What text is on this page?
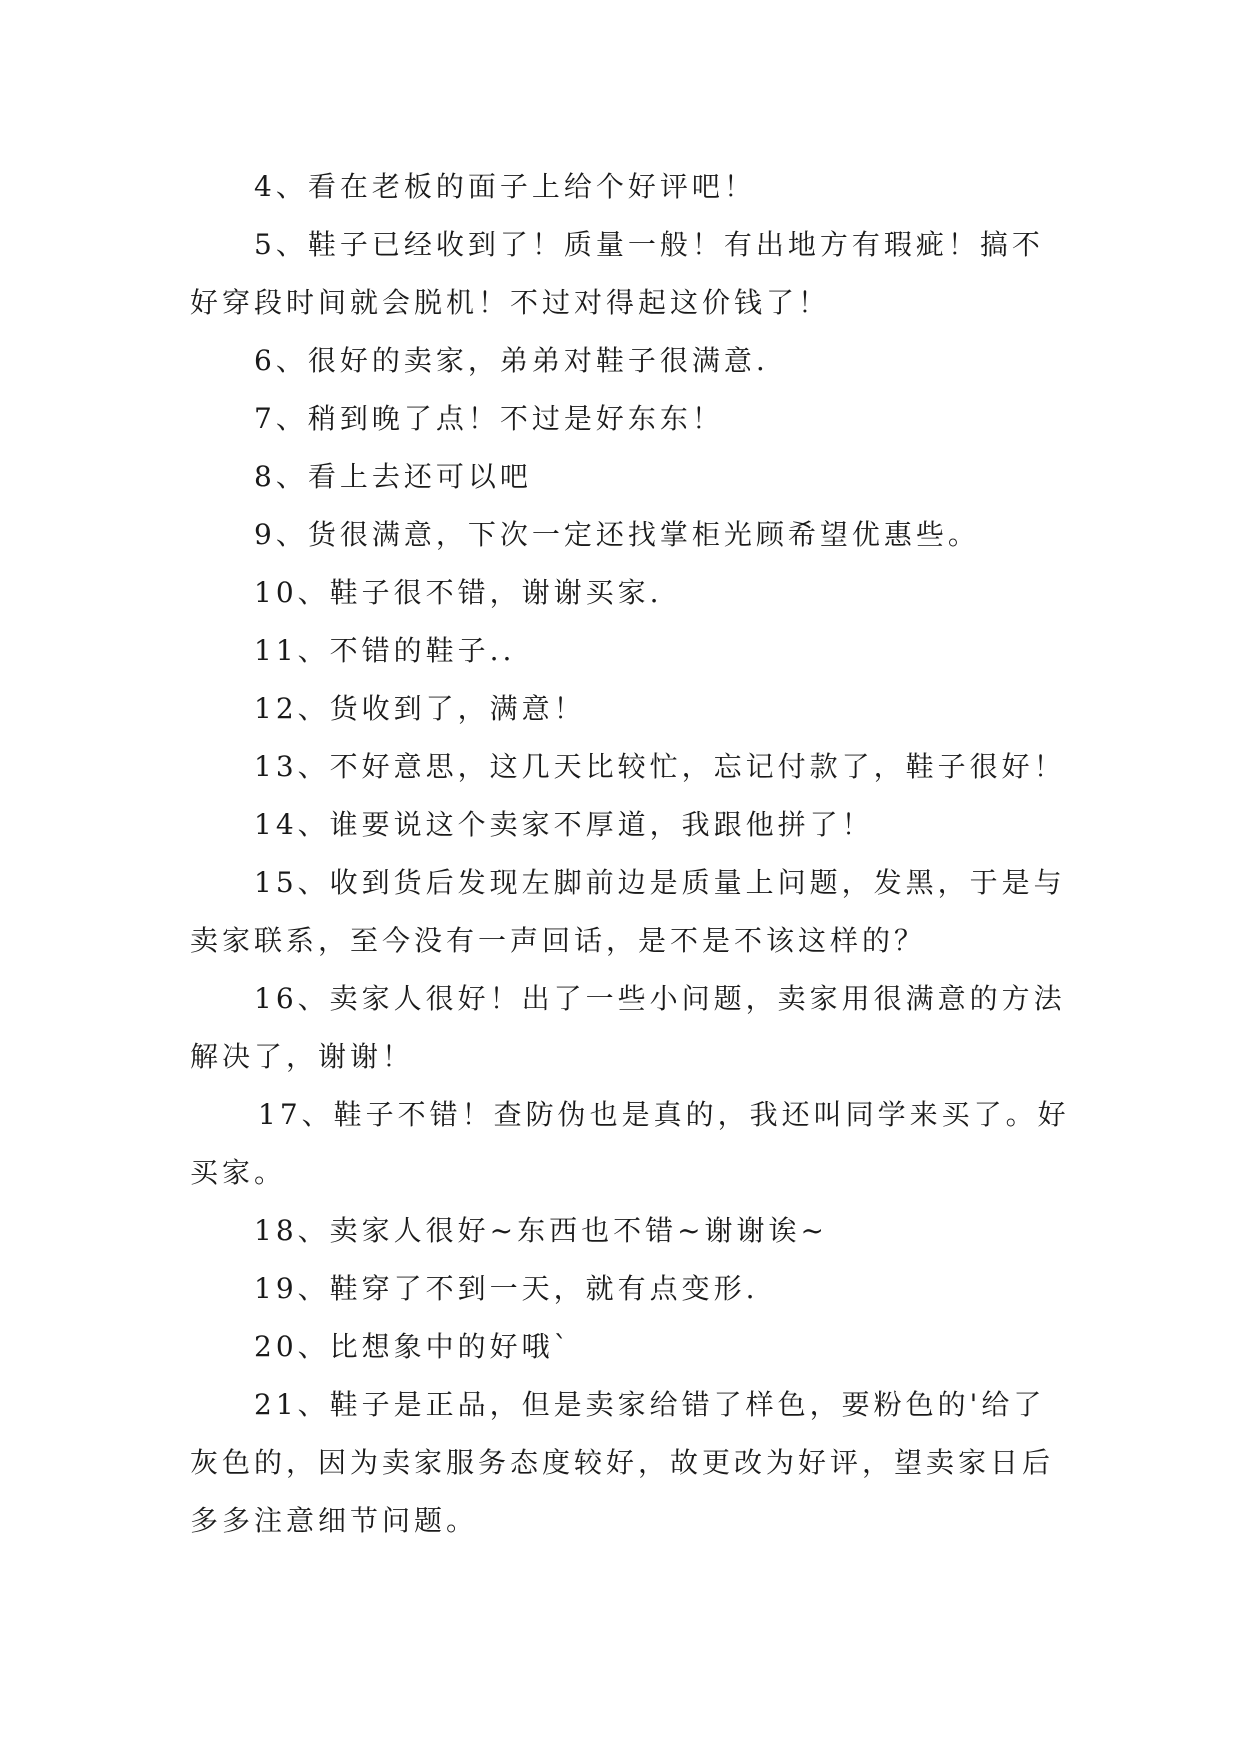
4、看在老板的面子上给个好评吧！

5、鞋子已经收到了！质量一般！有出地方有瑕疵！搞不好穿段时间就会脱机！不过对得起这价钱了！

6、很好的卖家，弟弟对鞋子很满意.

7、稍到晚了点！不过是好东东！

8、看上去还可以吧

9、货很满意，下次一定还找掌柜光顾希望优惠些。

10、鞋子很不错，谢谢买家.

11、不错的鞋子..

12、货收到了，满意！

13、不好意思，这几天比较忙，忘记付款了，鞋子很好！

14、谁要说这个卖家不厚道，我跟他拼了！

15、收到货后发现左脚前边是质量上问题，发黑，于是与卖家联系，至今没有一声回话，是不是不该这样的？

16、卖家人很好！出了一些小问题，卖家用很满意的方法解决了，谢谢！

17、鞋子不错！查防伪也是真的，我还叫同学来买了。好买家。

18、卖家人很好~东西也不错~谢谢诶~

19、鞋穿了不到一天，就有点变形.

20、比想象中的好哦`

21、鞋子是正品，但是卖家给错了样色，要粉色的'给了灰色的，因为卖家服务态度较好，故更改为好评，望卖家日后多多注意细节问题。
